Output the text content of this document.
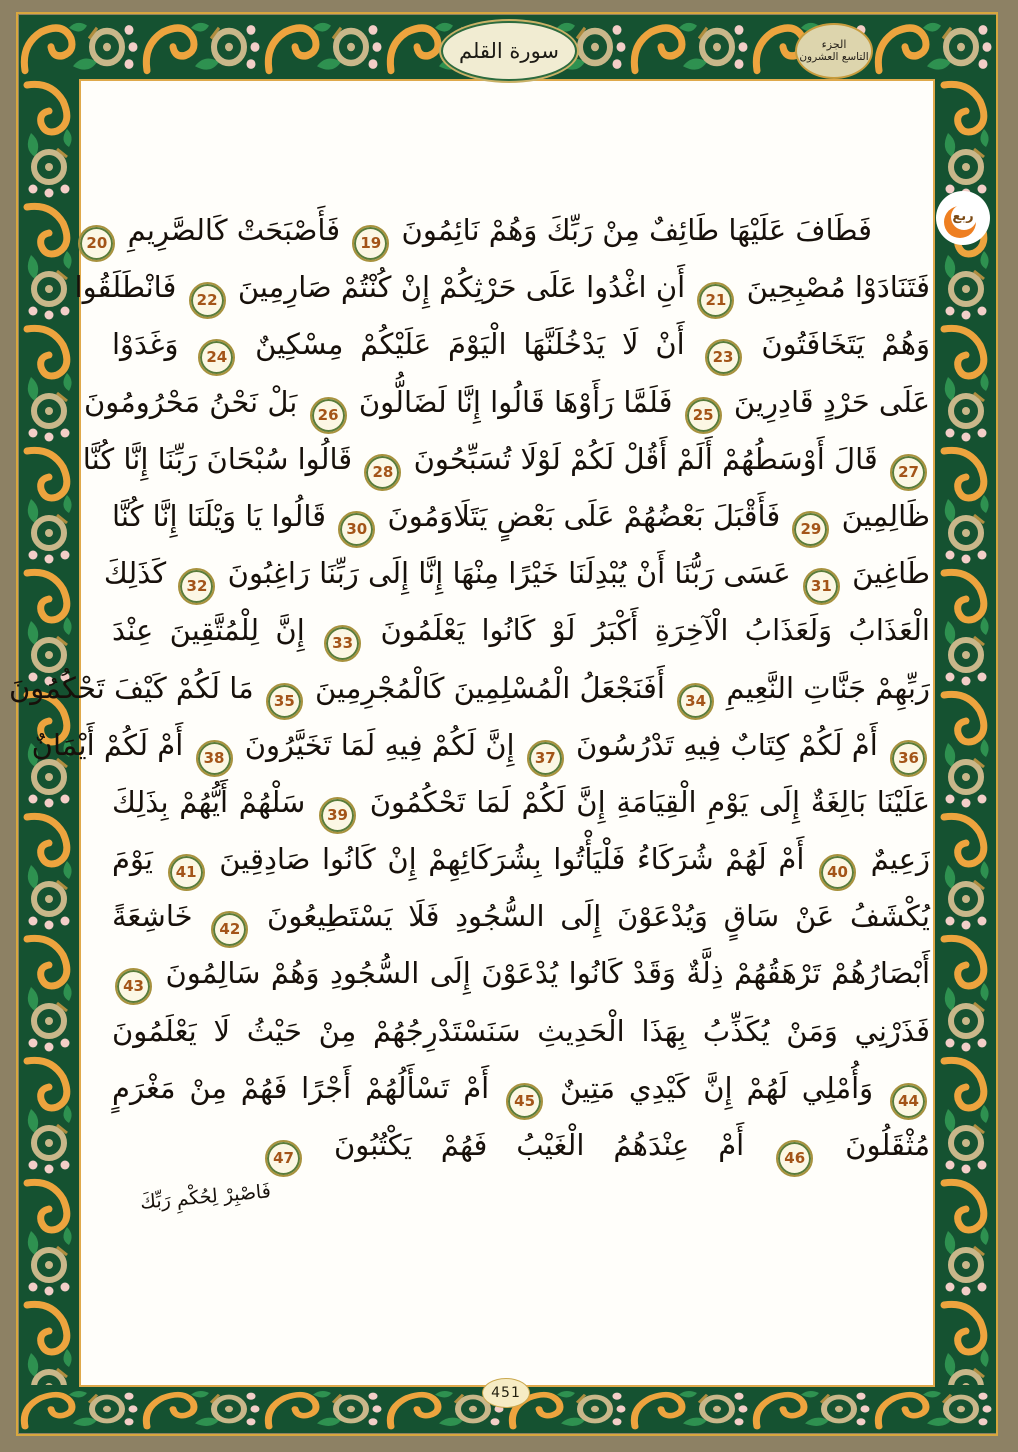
سورة القلم	الجزء
التاسع العشرون
ربع
فَطَافَ عَلَيْهَا طَائِفٌ مِنْ رَبِّكَ وَهُمْ نَائِمُونَ 19 فَأَصْبَحَتْ كَالصَّرِيمِ 20
فَتَنَادَوْا مُصْبِحِينَ 21 أَنِ اغْدُوا عَلَى حَرْثِكُمْ إِنْ كُنْتُمْ صَارِمِينَ 22 فَانْطَلَقُوا
وَهُمْ يَتَخَافَتُونَ 23 أَنْ لَا يَدْخُلَنَّهَا الْيَوْمَ عَلَيْكُمْ مِسْكِينٌ 24 وَغَدَوْا
عَلَى حَرْدٍ قَادِرِينَ 25 فَلَمَّا رَأَوْهَا قَالُوا إِنَّا لَضَالُّونَ 26 بَلْ نَحْنُ مَحْرُومُونَ
27 قَالَ أَوْسَطُهُمْ أَلَمْ أَقُلْ لَكُمْ لَوْلَا تُسَبِّحُونَ 28 قَالُوا سُبْحَانَ رَبِّنَا إِنَّا كُنَّا
ظَالِمِينَ 29 فَأَقْبَلَ بَعْضُهُمْ عَلَى بَعْضٍ يَتَلَاوَمُونَ 30 قَالُوا يَا وَيْلَنَا إِنَّا كُنَّا
طَاغِينَ 31 عَسَى رَبُّنَا أَنْ يُبْدِلَنَا خَيْرًا مِنْهَا إِنَّا إِلَى رَبِّنَا رَاغِبُونَ 32 كَذَلِكَ
الْعَذَابُ وَلَعَذَابُ الْآخِرَةِ أَكْبَرُ لَوْ كَانُوا يَعْلَمُونَ 33 إِنَّ لِلْمُتَّقِينَ عِنْدَ
رَبِّهِمْ جَنَّاتِ النَّعِيمِ 34 أَفَنَجْعَلُ الْمُسْلِمِينَ كَالْمُجْرِمِينَ 35 مَا لَكُمْ كَيْفَ تَحْكُمُونَ
36 أَمْ لَكُمْ كِتَابٌ فِيهِ تَدْرُسُونَ 37 إِنَّ لَكُمْ فِيهِ لَمَا تَخَيَّرُونَ 38 أَمْ لَكُمْ أَيْمَانٌ
عَلَيْنَا بَالِغَةٌ إِلَى يَوْمِ الْقِيَامَةِ إِنَّ لَكُمْ لَمَا تَحْكُمُونَ 39 سَلْهُمْ أَيُّهُمْ بِذَلِكَ
زَعِيمٌ 40 أَمْ لَهُمْ شُرَكَاءُ فَلْيَأْتُوا بِشُرَكَائِهِمْ إِنْ كَانُوا صَادِقِينَ 41 يَوْمَ
يُكْشَفُ عَنْ سَاقٍ وَيُدْعَوْنَ إِلَى السُّجُودِ فَلَا يَسْتَطِيعُونَ 42 خَاشِعَةً
أَبْصَارُهُمْ تَرْهَقُهُمْ ذِلَّةٌ وَقَدْ كَانُوا يُدْعَوْنَ إِلَى السُّجُودِ وَهُمْ سَالِمُونَ 43
فَذَرْنِي وَمَنْ يُكَذِّبُ بِهَذَا الْحَدِيثِ سَنَسْتَدْرِجُهُمْ مِنْ حَيْثُ لَا يَعْلَمُونَ
44 وَأُمْلِي لَهُمْ إِنَّ كَيْدِي مَتِينٌ 45 أَمْ تَسْأَلُهُمْ أَجْرًا فَهُمْ مِنْ مَغْرَمٍ
مُثْقَلُونَ 46 أَمْ عِنْدَهُمُ الْغَيْبُ فَهُمْ يَكْتُبُونَ 47
فَاصْبِرْ لِحُكْمِ رَبِّكَ
451
